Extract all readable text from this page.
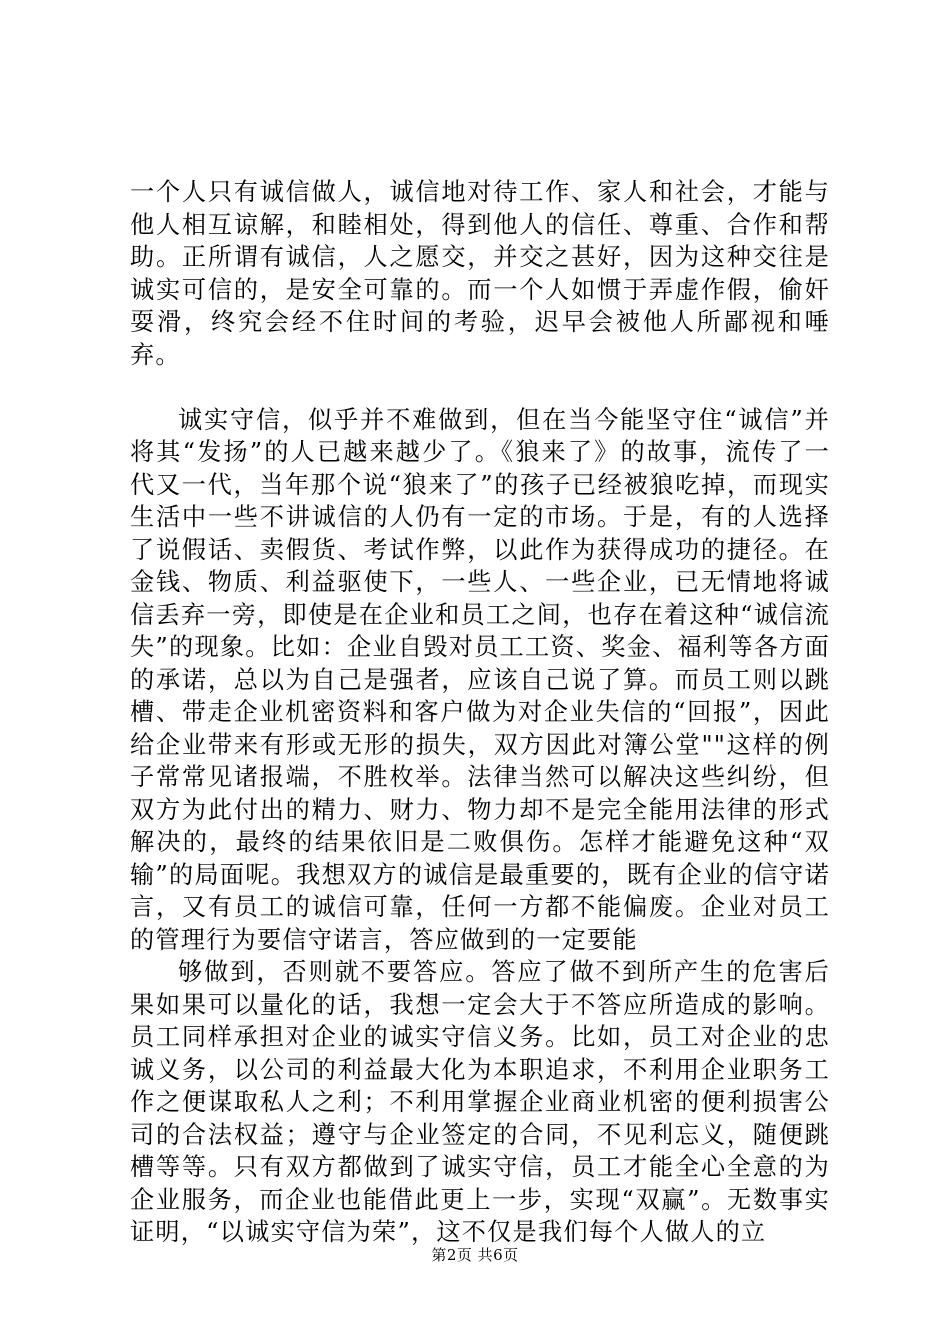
一个人只有诚信做人，诚信地对待工作、家人和社会，才能与他人相互谅解，和睦相处，得到他人的信任、尊重、合作和帮助。正所谓有诚信，人之愿交，并交之甚好，因为这种交往是诚实可信的，是安全可靠的。而一个人如惯于弄虚作假，偷奸耍滑，终究会经不住时间的考验，迟早会被他人所鄙视和唾弃。

诚实守信，似乎并不难做到，但在当今能坚守住“诚信”并将其“发扬”的人已越来越少了。《狼来了》的故事，流传了一代又一代，当年那个说“狼来了”的孩子已经被狼吃掉，而现实生活中一些不讲诚信的人仍有一定的市场。于是，有的人选择了说假话、卖假货、考试作弊，以此作为获得成功的捷径。在金钱、物质、利益驱使下，一些人、一些企业，已无情地将诚信丢弃一旁，即使是在企业和员工之间，也存在着这种“诚信流失”的现象。比如：企业自毁对员工工资、奖金、福利等各方面的承诺，总以为自己是强者，应该自己说了算。而员工则以跳槽、带走企业机密资料和客户做为对企业失信的“回报”，因此给企业带来有形或无形的损失，双方因此对簿公堂""这样的例子常常见诸报端，不胜枚举。法律当然可以解决这些纠纷，但双方为此付出的精力、财力、物力却不是完全能用法律的形式解决的，最终的结果依旧是二败俱伤。怎样才能避免这种“双输”的局面呢。我想双方的诚信是最重要的，既有企业的信守诺言，又有员工的诚信可靠，任何一方都不能偏废。企业对员工的管理行为要信守诺言，答应做到的一定要能

够做到，否则就不要答应。答应了做不到所产生的危害后果如果可以量化的话，我想一定会大于不答应所造成的影响。员工同样承担对企业的诚实守信义务。比如，员工对企业的忠诚义务，以公司的利益最大化为本职追求，不利用企业职务工作之便谋取私人之利；不利用掌握企业商业机密的便利损害公司的合法权益；遵守与企业签定的合同，不见利忘义，随便跳槽等等。只有双方都做到了诚实守信，员工才能全心全意的为企业服务，而企业也能借此更上一步，实现“双赢”。无数事实证明，“以诚实守信为荣”，这不仅是我们每个人做人的立

第2页 共6页
